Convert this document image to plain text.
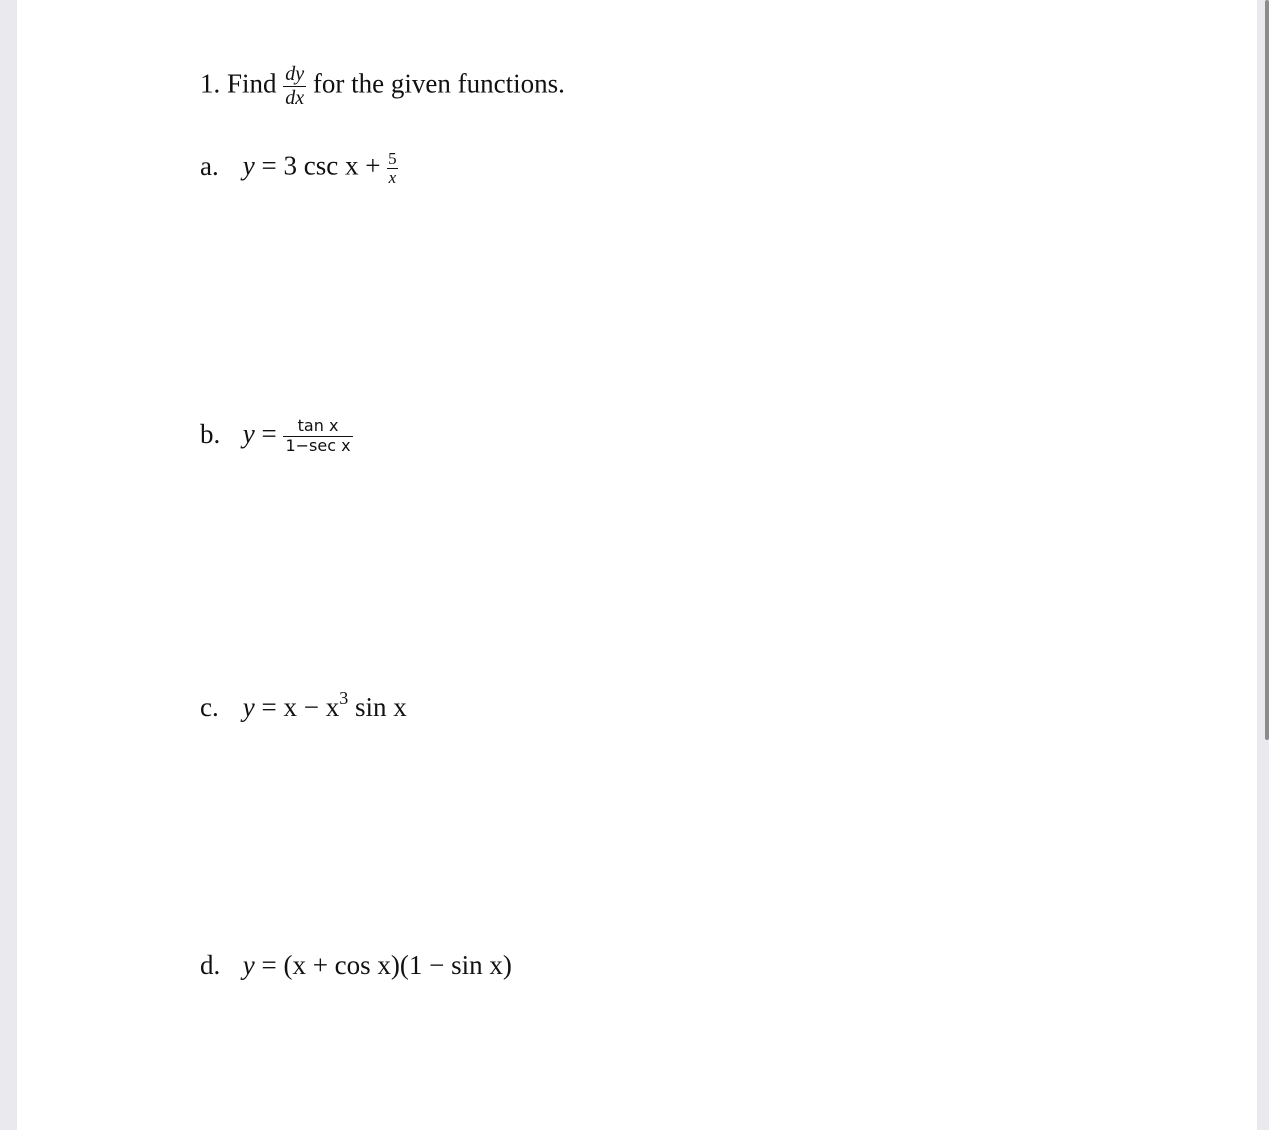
1. Find $\frac{dy}{dx}$ for the given functions.
a. y = 3 $\csc x + \frac{5}{x}$
b. $y = \frac{\text{tan x}}{\text{1−sec x}}$
c. $y = x - x^3$ sin x
d. y = (x + cos x)(1 − sin x)
